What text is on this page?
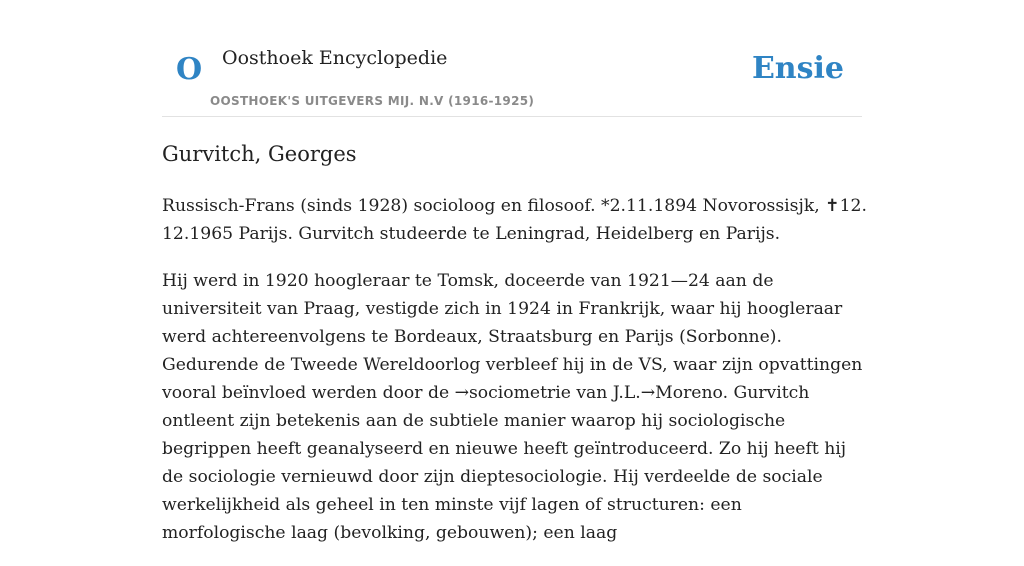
O Oosthoek Encyclopedie
OOSTHOEK'S UITGEVERS MIJ. N.V (1916-1925)
Ensie
Gurvitch, Georges

Russisch-Frans (sinds 1928) socioloog en filosoof. *2.11.1894 Novorossisjk, ✝12. 12.1965 Parijs. Gurvitch studeerde te Leningrad, Heidelberg en Parijs.

Hij werd in 1920 hoogleraar te Tomsk, doceerde van 1921—24 aan de universiteit van Praag, vestigde zich in 1924 in Frankrijk, waar hij hoogleraar werd achtereenvolgens te Bordeaux, Straatsburg en Parijs (Sorbonne). Gedurende de Tweede Wereldoorlog verbleef hij in de VS, waar zijn opvattingen vooral beïnvloed werden door de →sociometrie van J.L.→Moreno. Gurvitch ontleent zijn betekenis aan de subtiele manier waarop hij sociologische begrippen heeft geanalyseerd en nieuwe heeft geïntroduceerd. Zo hij heeft hij de sociologie vernieuwd door zijn dieptesociologie. Hij verdeelde de sociale werkelijkheid als geheel in ten minste vijf lagen of structuren: een morfologische laag (bevolking, gebouwen); een laag
